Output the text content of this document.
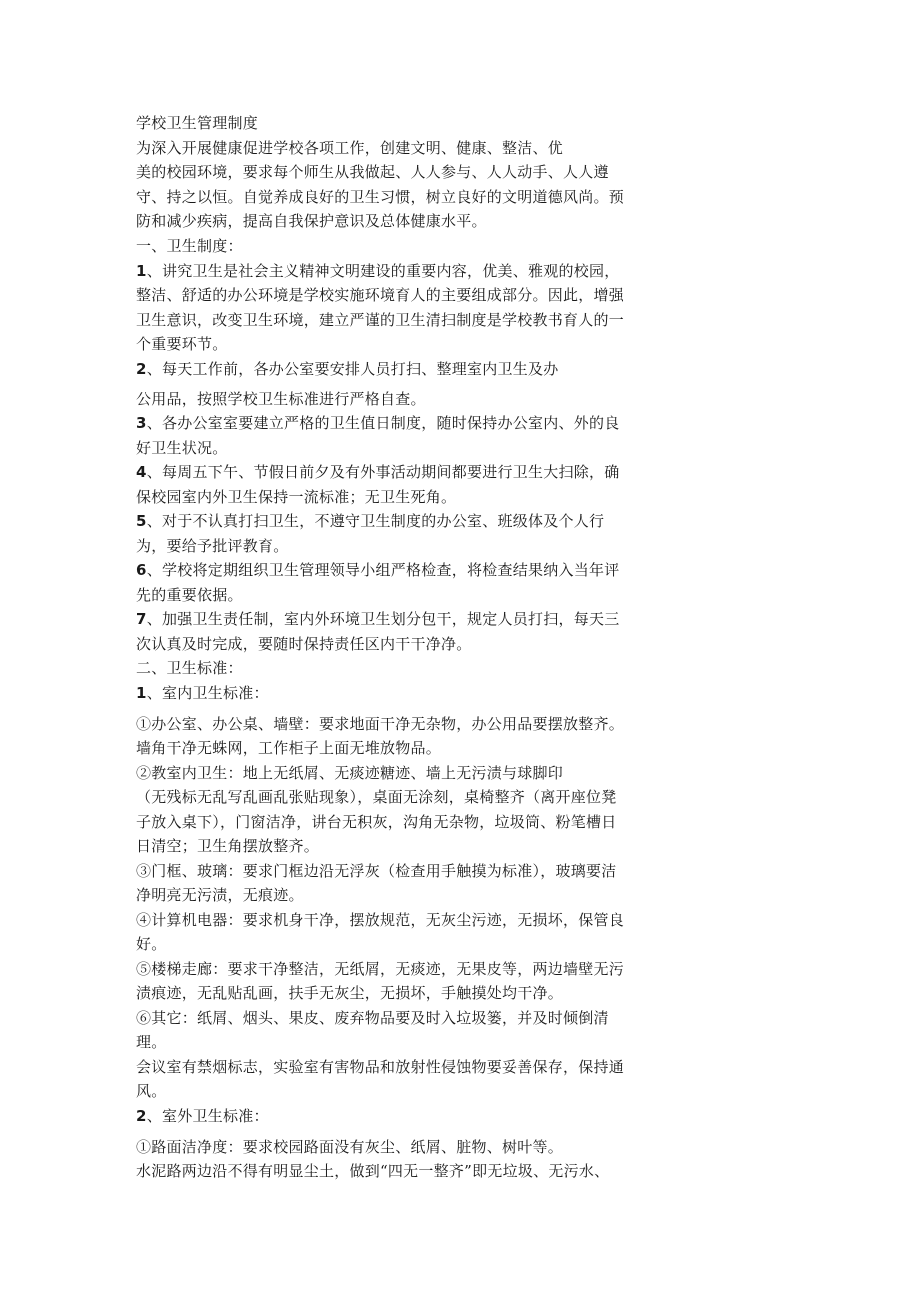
学校卫生管理制度
为深入开展健康促进学校各项工作，创建文明、健康、整洁、优
美的校园环境，要求每个师生从我做起、人人参与、人人动手、人人遵
守、持之以恒。自觉养成良好的卫生习惯，树立良好的文明道德风尚。预
防和减少疾病，提高自我保护意识及总体健康水平。
一、卫生制度：
1、讲究卫生是社会主义精神文明建设的重要内容，优美、雅观的校园，
整洁、舒适的办公环境是学校实施环境育人的主要组成部分。因此，增强
卫生意识，改变卫生环境，建立严谨的卫生清扫制度是学校教书育人的一
个重要环节。
2、每天工作前，各办公室要安排人员打扫、整理室内卫生及办
公用品，按照学校卫生标准进行严格自查。
3、各办公室室要建立严格的卫生值日制度，随时保持办公室内、外的良
好卫生状况。
4、每周五下午、节假日前夕及有外事活动期间都要进行卫生大扫除，确
保校园室内外卫生保持一流标准；无卫生死角。
5、对于不认真打扫卫生，不遵守卫生制度的办公室、班级体及个人行
为，要给予批评教育。
6、学校将定期组织卫生管理领导小组严格检查，将检查结果纳入当年评
先的重要依据。
7、加强卫生责任制，室内外环境卫生划分包干，规定人员打扫，每天三
次认真及时完成，要随时保持责任区内干干净净。
二、卫生标准：
1、室内卫生标准：
①办公室、办公桌、墙壁：要求地面干净无杂物，办公用品要摆放整齐。
墙角干净无蛛网，工作柜子上面无堆放物品。
②教室内卫生：地上无纸屑、无痰迹糖迹、墙上无污渍与球脚印
（无残标无乱写乱画乱张贴现象），桌面无涂刻，桌椅整齐（离开座位凳
子放入桌下），门窗洁净，讲台无积灰，沟角无杂物，垃圾筒、粉笔槽日
日清空；卫生角摆放整齐。
③门框、玻璃：要求门框边沿无浮灰（检查用手触摸为标准），玻璃要洁
净明亮无污渍，无痕迹。
④计算机电器：要求机身干净，摆放规范，无灰尘污迹，无损坏，保管良
好。
⑤楼梯走廊：要求干净整洁，无纸屑，无痰迹，无果皮等，两边墙壁无污
渍痕迹，无乱贴乱画，扶手无灰尘，无损坏，手触摸处均干净。
⑥其它：纸屑、烟头、果皮、废弃物品要及时入垃圾篓，并及时倾倒清
理。
会议室有禁烟标志，实验室有害物品和放射性侵蚀物要妥善保存，保持通
风。
2、室外卫生标准：
①路面洁净度：要求校园路面没有灰尘、纸屑、脏物、树叶等。
水泥路两边沿不得有明显尘土，做到“四无一整齐”即无垃圾、无污水、
